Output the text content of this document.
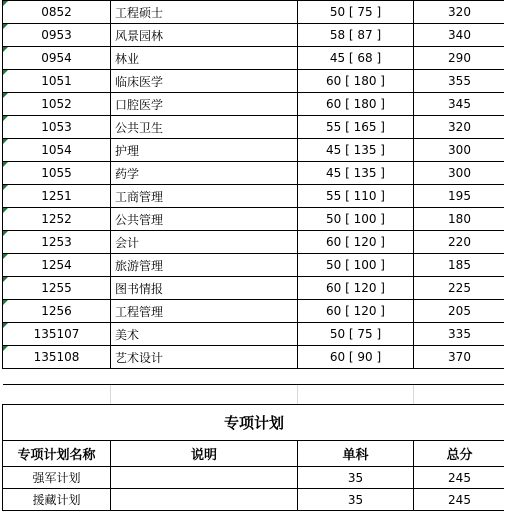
0852	工程硕士	50 [ 75 ]	320
0953	风景园林	58 [ 87 ]	340
0954	林业	45 [ 68 ]	290
1051	临床医学	60 [ 180 ]	355
1052	口腔医学	60 [ 180 ]	345
1053	公共卫生	55 [ 165 ]	320
1054	护理	45 [ 135 ]	300
1055	药学	45 [ 135 ]	300
1251	工商管理	55 [ 110 ]	195
1252	公共管理	50 [ 100 ]	180
1253	会计	60 [ 120 ]	220
1254	旅游管理	50 [ 100 ]	185
1255	图书情报	60 [ 120 ]	225
1256	工程管理	60 [ 120 ]	205
135107	美术	50 [ 75 ]	335
135108	艺术设计	60 [ 90 ]	370

专项计划			
专项计划名称	说明	单科	总分
强军计划		35	245
援藏计划		35	245
